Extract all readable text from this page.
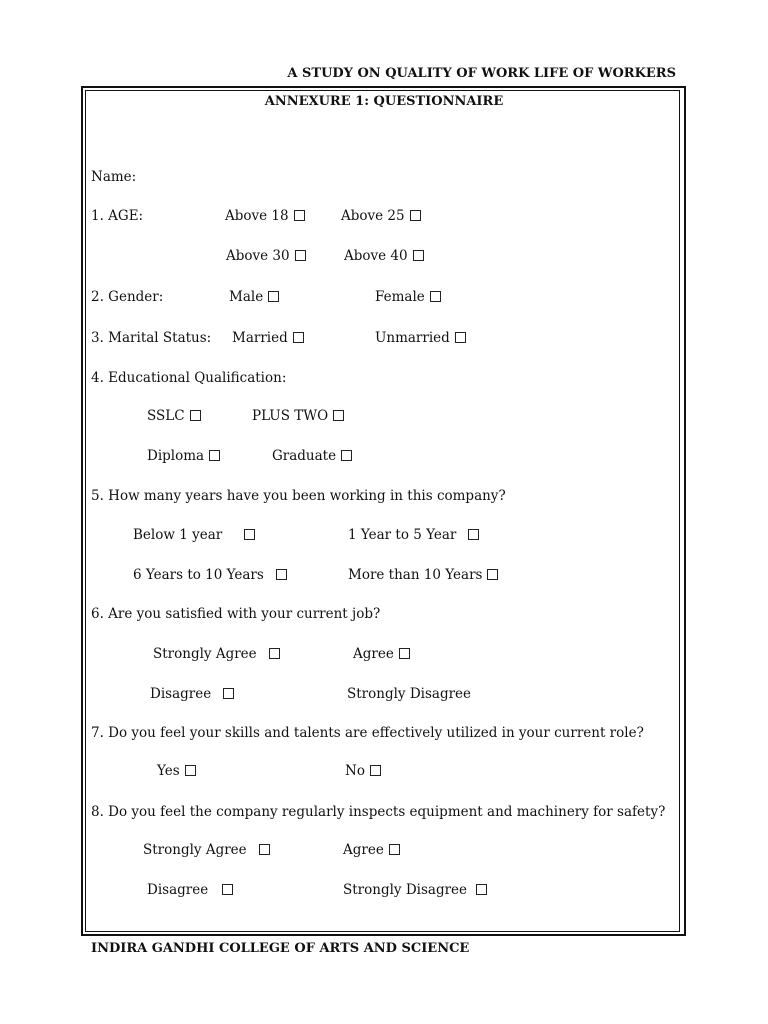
A STUDY ON QUALITY OF WORK LIFE OF WORKERS
ANNEXURE 1: QUESTIONNAIRE
Name:
1. AGE:	Above 18	Above 25
Above 30	Above 40
2. Gender:	Male	Female
3. Marital Status: Married	Unmarried
4. Educational Qualification:
SSLC	PLUS TWO
Diploma	Graduate
5. How many years have you been working in this company?
Below 1 year	1 Year to 5 Year
6 Years to 10 Years	More than 10 Years
6. Are you satisfied with your current job?
Strongly Agree	Agree
Disagree	Strongly Disagree
7. Do you feel your skills and talents are effectively utilized in your current role?
Yes	No
8. Do you feel the company regularly inspects equipment and machinery for safety?
Strongly Agree	Agree
Disagree	Strongly Disagree
INDIRA GANDHI COLLEGE OF ARTS AND SCIENCE
